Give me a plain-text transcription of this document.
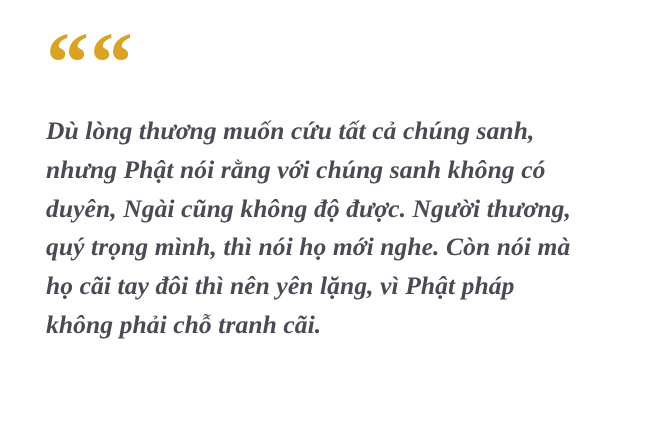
““
Dù lòng thương muốn cứu tất cả chúng sanh, nhưng Phật nói rằng với chúng sanh không có duyên, Ngài cũng không độ được. Người thương, quý trọng mình, thì nói họ mới nghe. Còn nói mà họ cãi tay đôi thì nên yên lặng, vì Phật pháp không phải chỗ tranh cãi.
